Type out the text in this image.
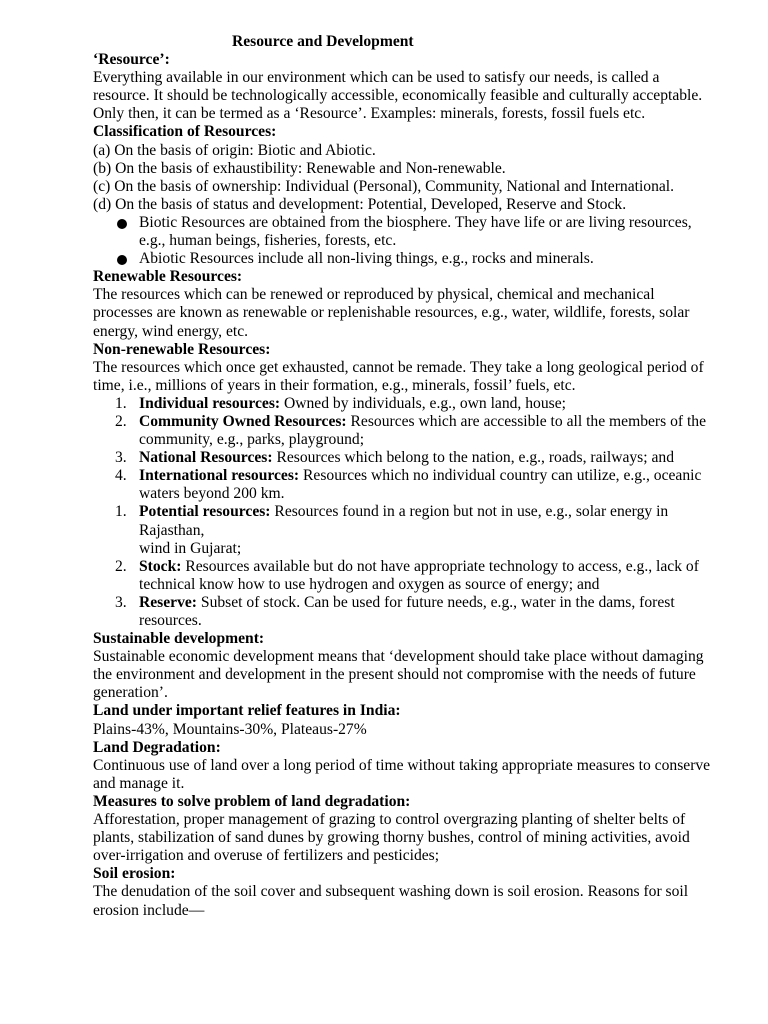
Resource and Development

‘Resource’:

Everything available in our environment which can be used to satisfy our needs, is called a resource. It should be technologically accessible, economically feasible and culturally acceptable. Only then, it can be termed as a ‘Resource’. Examples: minerals, forests, fossil fuels etc.

Classification of Resources:

(a) On the basis of origin: Biotic and Abiotic.

(b) On the basis of exhaustibility: Renewable and Non-renewable.

(c) On the basis of ownership: Individual (Personal), Community, National and International.

(d) On the basis of status and development: Potential, Developed, Reserve and Stock.

Biotic Resources are obtained from the biosphere. They have life or are living resources, e.g., human beings, fisheries, forests, etc.
Abiotic Resources include all non-living things, e.g., rocks and minerals.

Renewable Resources:

The resources which can be renewed or reproduced by physical, chemical and mechanical processes are known as renewable or replenishable resources, e.g., water, wildlife, forests, solar energy, wind energy, etc.

Non-renewable Resources:

The resources which once get exhausted, cannot be remade. They take a long geological period of time, i.e., millions of years in their formation, e.g., minerals, fossil’ fuels, etc.

1. Individual resources: Owned by individuals, e.g., own land, house;
2. Community Owned Resources: Resources which are accessible to all the members of the community, e.g., parks, playground;
3. National Resources: Resources which belong to the nation, e.g., roads, railways; and
4. International resources: Resources which no individual country can utilize, e.g., oceanic waters beyond 200 km.
1. Potential resources: Resources found in a region but not in use, e.g., solar energy in Rajasthan,
wind in Gujarat;
2. Stock: Resources available but do not have appropriate technology to access, e.g., lack of technical know how to use hydrogen and oxygen as source of energy; and
3. Reserve: Subset of stock. Can be used for future needs, e.g., water in the dams, forest resources.

Sustainable development:

Sustainable economic development means that ‘development should take place without damaging the environment and development in the present should not compromise with the needs of future generation’.

Land under important relief features in India:

Plains-43%, Mountains-30%, Plateaus-27%

Land Degradation:

Continuous use of land over a long period of time without taking appropriate measures to conserve and manage it.

Measures to solve problem of land degradation:

Afforestation, proper management of grazing to control overgrazing planting of shelter belts of plants, stabilization of sand dunes by growing thorny bushes, control of mining activities, avoid over-irrigation and overuse of fertilizers and pesticides;

Soil erosion:

The denudation of the soil cover and subsequent washing down is soil erosion. Reasons for soil erosion include—
